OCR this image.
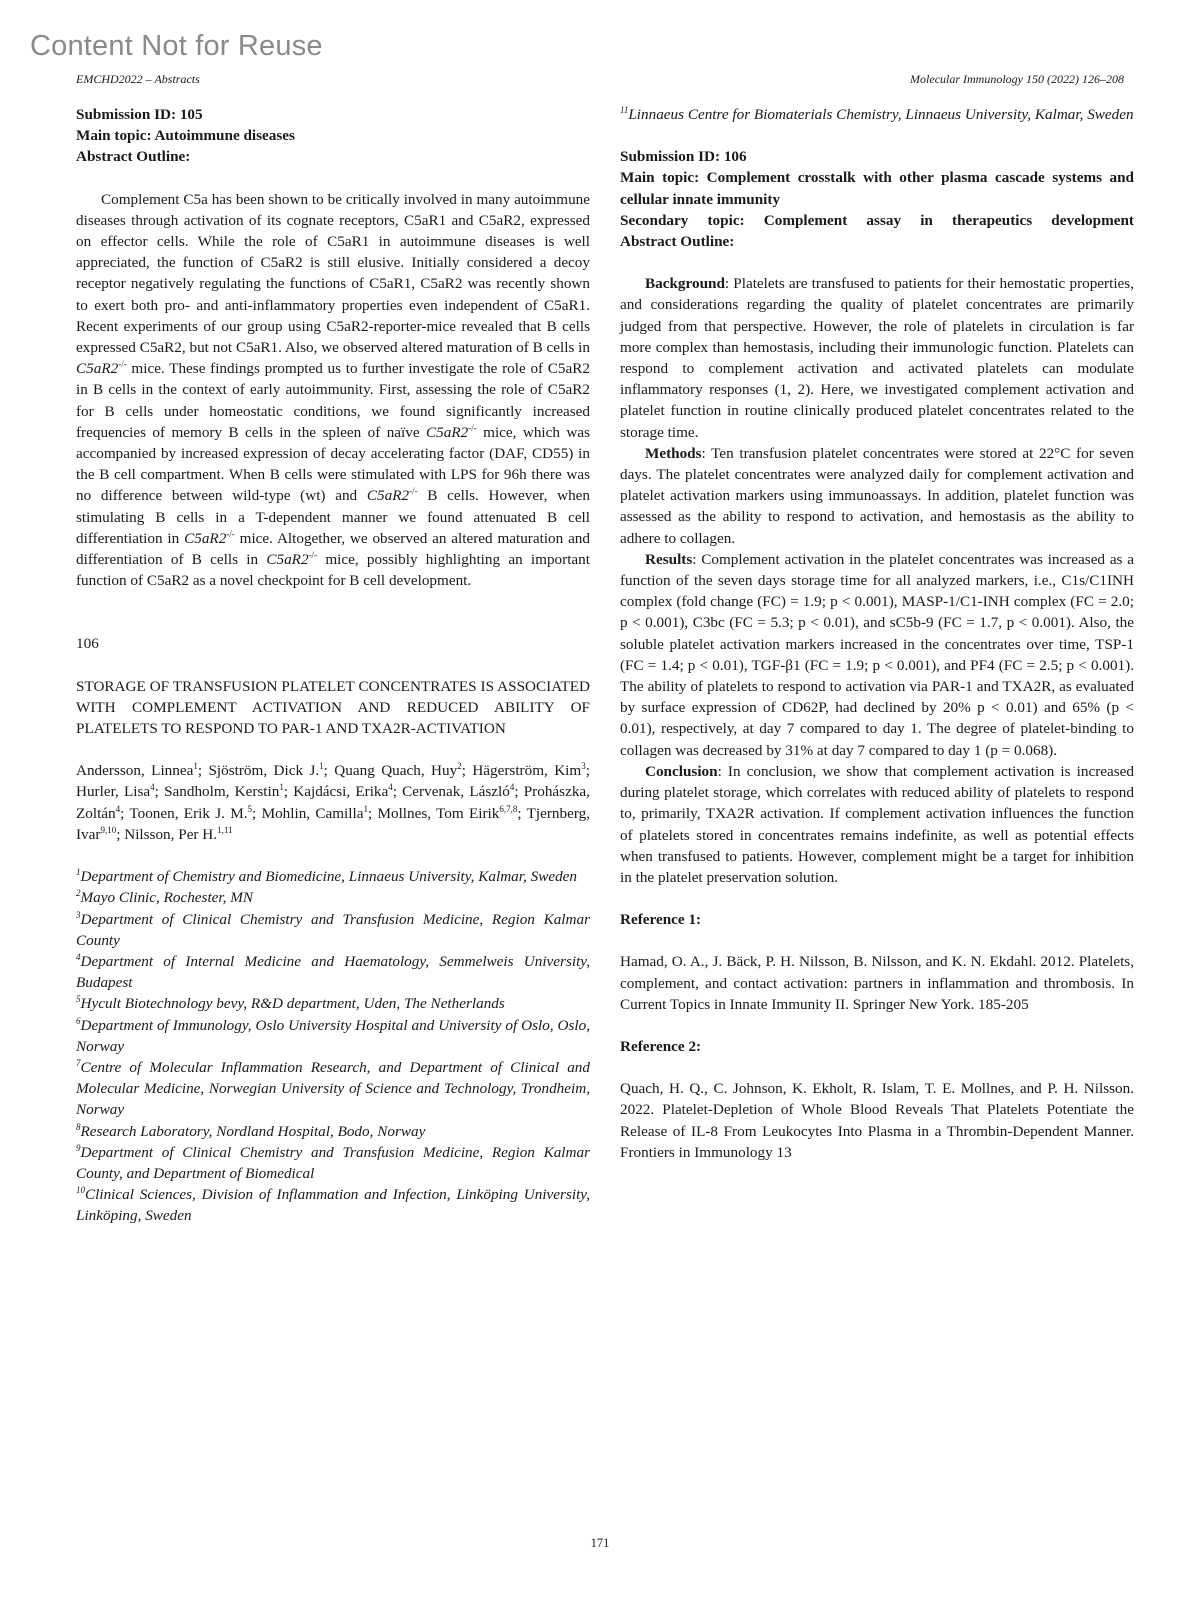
Content Not for Reuse
EMCHD2022 – Abstracts	Molecular Immunology 150 (2022) 126–208
Submission ID: 105
Main topic: Autoimmune diseases
Abstract Outline:

Complement C5a has been shown to be critically involved in many autoimmune diseases through activation of its cognate receptors, C5aR1 and C5aR2, expressed on effector cells. While the role of C5aR1 in autoimmune diseases is well appreciated, the function of C5aR2 is still elusive. Initially considered a decoy receptor negatively regulating the functions of C5aR1, C5aR2 was recently shown to exert both pro- and anti-inflammatory properties even independent of C5aR1. Recent experiments of our group using C5aR2-reporter-mice revealed that B cells expressed C5aR2, but not C5aR1. Also, we observed altered maturation of B cells in C5aR2-/- mice. These findings prompted us to further investigate the role of C5aR2 in B cells in the context of early autoimmunity. First, assessing the role of C5aR2 for B cells under homeostatic conditions, we found significantly increased frequencies of memory B cells in the spleen of naïve C5aR2-/- mice, which was accompanied by increased expression of decay accelerating factor (DAF, CD55) in the B cell compartment. When B cells were stimulated with LPS for 96h there was no difference between wild-type (wt) and C5aR2-/- B cells. However, when stimulating B cells in a T-dependent manner we found attenuated B cell differentiation in C5aR2-/- mice. Altogether, we observed an altered maturation and differentiation of B cells in C5aR2-/- mice, possibly highlighting an important function of C5aR2 as a novel checkpoint for B cell development.

106

STORAGE OF TRANSFUSION PLATELET CONCENTRATES IS ASSOCIATED WITH COMPLEMENT ACTIVATION AND REDUCED ABILITY OF PLATELETS TO RESPOND TO PAR-1 AND TXA2R-ACTIVATION

Andersson, Linnea$^1$; Sjöström, Dick J.$^1$; Quang Quach, Huy$^2$; Hägerström, Kim$^3$; Hurler, Lisa$^4$; Sandholm, Kerstin$^1$; Kajdácsi, Erika$^4$; Cervenak, László$^4$; Prohászka, Zoltán$^4$; Toonen, Erik J. M.$^5$; Mohlin, Camilla$^1$; Mollnes, Tom Eirik$^{6,7,8}$; Tjernberg, Ivar$^{9,10}$; Nilsson, Per H.$^{1,11}$

$^1$Department of Chemistry and Biomedicine, Linnaeus University, Kalmar, Sweden

$^2$Mayo Clinic, Rochester, MN

$^3$Department of Clinical Chemistry and Transfusion Medicine, Region Kalmar County

$^4$Department of Internal Medicine and Haematology, Semmelweis University, Budapest

$^5$Hycult Biotechnology bevy, R&D department, Uden, The Netherlands

$^6$Department of Immunology, Oslo University Hospital and University of Oslo, Oslo, Norway

$^7$Centre of Molecular Inflammation Research, and Department of Clinical and Molecular Medicine, Norwegian University of Science and Technology, Trondheim, Norway

$^8$Research Laboratory, Nordland Hospital, Bodo, Norway

$^9$Department of Clinical Chemistry and Transfusion Medicine, Region Kalmar County, and Department of Biomedical

$^{10}$Clinical Sciences, Division of Inflammation and Infection, Linköping University, Linköping, Sweden

$^{11}$Linnaeus Centre for Biomaterials Chemistry, Linnaeus University, Kalmar, Sweden

Submission ID: 106
Main topic: Complement crosstalk with other plasma cascade systems and cellular innate immunity
Secondary topic: Complement assay in therapeutics development
Abstract Outline:

Background: Platelets are transfused to patients for their hemostatic properties, and considerations regarding the quality of platelet concentrates are primarily judged from that perspective. However, the role of platelets in circulation is far more complex than hemostasis, including their immunologic function. Platelets can respond to complement activation and activated platelets can modulate inflammatory responses (1, 2). Here, we investigated complement activation and platelet function in routine clinically produced platelet concentrates related to the storage time.

Methods: Ten transfusion platelet concentrates were stored at 22°C for seven days. The platelet concentrates were analyzed daily for complement activation and platelet activation markers using immunoassays. In addition, platelet function was assessed as the ability to respond to activation, and hemostasis as the ability to adhere to collagen.

Results: Complement activation in the platelet concentrates was increased as a function of the seven days storage time for all analyzed markers, i.e., C1s/C1INH complex (fold change (FC) = 1.9; p < 0.001), MASP-1/C1-INH complex (FC = 2.0; p < 0.001), C3bc (FC = 5.3; p < 0.01), and sC5b-9 (FC = 1.7, p < 0.001). Also, the soluble platelet activation markers increased in the concentrates over time, TSP-1 (FC = 1.4; p < 0.01), TGF-β1 (FC = 1.9; p < 0.001), and PF4 (FC = 2.5; p < 0.001). The ability of platelets to respond to activation via PAR-1 and TXA2R, as evaluated by surface expression of CD62P, had declined by 20% p < 0.01) and 65% (p < 0.01), respectively, at day 7 compared to day 1. The degree of platelet-binding to collagen was decreased by 31% at day 7 compared to day 1 (p = 0.068).

Conclusion: In conclusion, we show that complement activation is increased during platelet storage, which correlates with reduced ability of platelets to respond to, primarily, TXA2R activation. If complement activation influences the function of platelets stored in concentrates remains indefinite, as well as potential effects when transfused to patients. However, complement might be a target for inhibition in the platelet preservation solution.

Reference 1:

Hamad, O. A., J. Bäck, P. H. Nilsson, B. Nilsson, and K. N. Ekdahl. 2012. Platelets, complement, and contact activation: partners in inflammation and thrombosis. In Current Topics in Innate Immunity II. Springer New York. 185-205

Reference 2:

Quach, H. Q., C. Johnson, K. Ekholt, R. Islam, T. E. Mollnes, and P. H. Nilsson. 2022. Platelet-Depletion of Whole Blood Reveals That Platelets Potentiate the Release of IL-8 From Leukocytes Into Plasma in a Thrombin-Dependent Manner. Frontiers in Immunology 13

171
